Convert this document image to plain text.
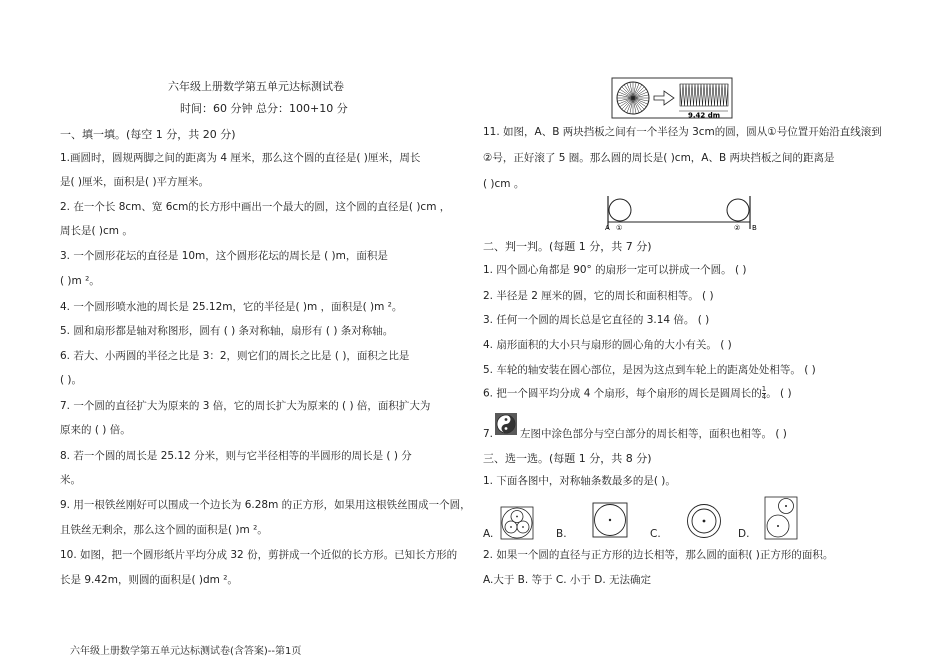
六年级上册数学第五单元达标测试卷
时间：60 分钟 总分：100+10 分
一、填一填。(每空 1 分，共 20 分)
1.画圆时，圆规两脚之间的距离为 4 厘米，那么这个圆的直径是( )厘米，周长
是( )厘米，面积是( )平方厘米。
2. 在一个长 8cm、宽 6cm的长方形中画出一个最大的圆，这个圆的直径是( )cm ，
周长是( )cm 。
3. 一个圆形花坛的直径是 10m，这个圆形花坛的周长是 ( )m，面积是
( )m ²。
4. 一个圆形喷水池的周长是 25.12m，它的半径是( )m ，面积是( )m ²。
5. 圆和扇形都是轴对称图形，圆有 ( ) 条对称轴，扇形有 ( ) 条对称轴。
6. 若大、小两圆的半径之比是 3：2，则它们的周长之比是 ( )，面积之比是
( )。
7. 一个圆的直径扩大为原来的 3 倍，它的周长扩大为原来的 ( ) 倍，面积扩大为
原来的 ( ) 倍。
8. 若一个圆的周长是 25.12 分米，则与它半径相等的半圆形的周长是 ( ) 分
米。
9. 用一根铁丝刚好可以围成一个边长为 6.28m 的正方形，如果用这根铁丝围成一个圆，
且铁丝无剩余，那么这个圆的面积是( )m ²。
10. 如图，把一个圆形纸片平均分成 32 份，剪拼成一个近似的长方形。已知长方形的
长是 9.42m，则圆的面积是( )dm ²。
9.42 dm
11. 如图，A、B 两块挡板之间有一个半径为 3cm的圆，圆从①号位置开始沿直线滚到
②号，正好滚了 5 圈。那么圆的周长是( )cm，A、B 两块挡板之间的距离是
( )cm 。
A ①	② B
二、判一判。(每题 1 分，共 7 分)
1. 四个圆心角都是 90° 的扇形一定可以拼成一个圆。 ( )
2. 半径是 2 厘米的圆，它的周长和面积相等。 ( )
3. 任何一个圆的周长总是它直径的 3.14 倍。 ( )
4. 扇形面积的大小只与扇形的圆心角的大小有关。 ( )
5. 车轮的轴安装在圆心部位，是因为这点到车轮上的距离处处相等。 ( )
6. 把一个圆平均分成 4 个扇形，每个扇形的周长是圆周长的 $\frac{1}{4}$ 。 ( )
7.	左图中涂色部分与空白部分的周长相等，面积也相等。 ( )
三、选一选。(每题 1 分，共 8 分)
1. 下面各图中，对称轴条数最多的是( )。
A.	B.	C.	D.
2. 如果一个圆的直径与正方形的边长相等，那么圆的面积( )正方形的面积。
A.大于 B. 等于 C. 小于 D. 无法确定
六年级上册数学第五单元达标测试卷(含答案)--第1页
